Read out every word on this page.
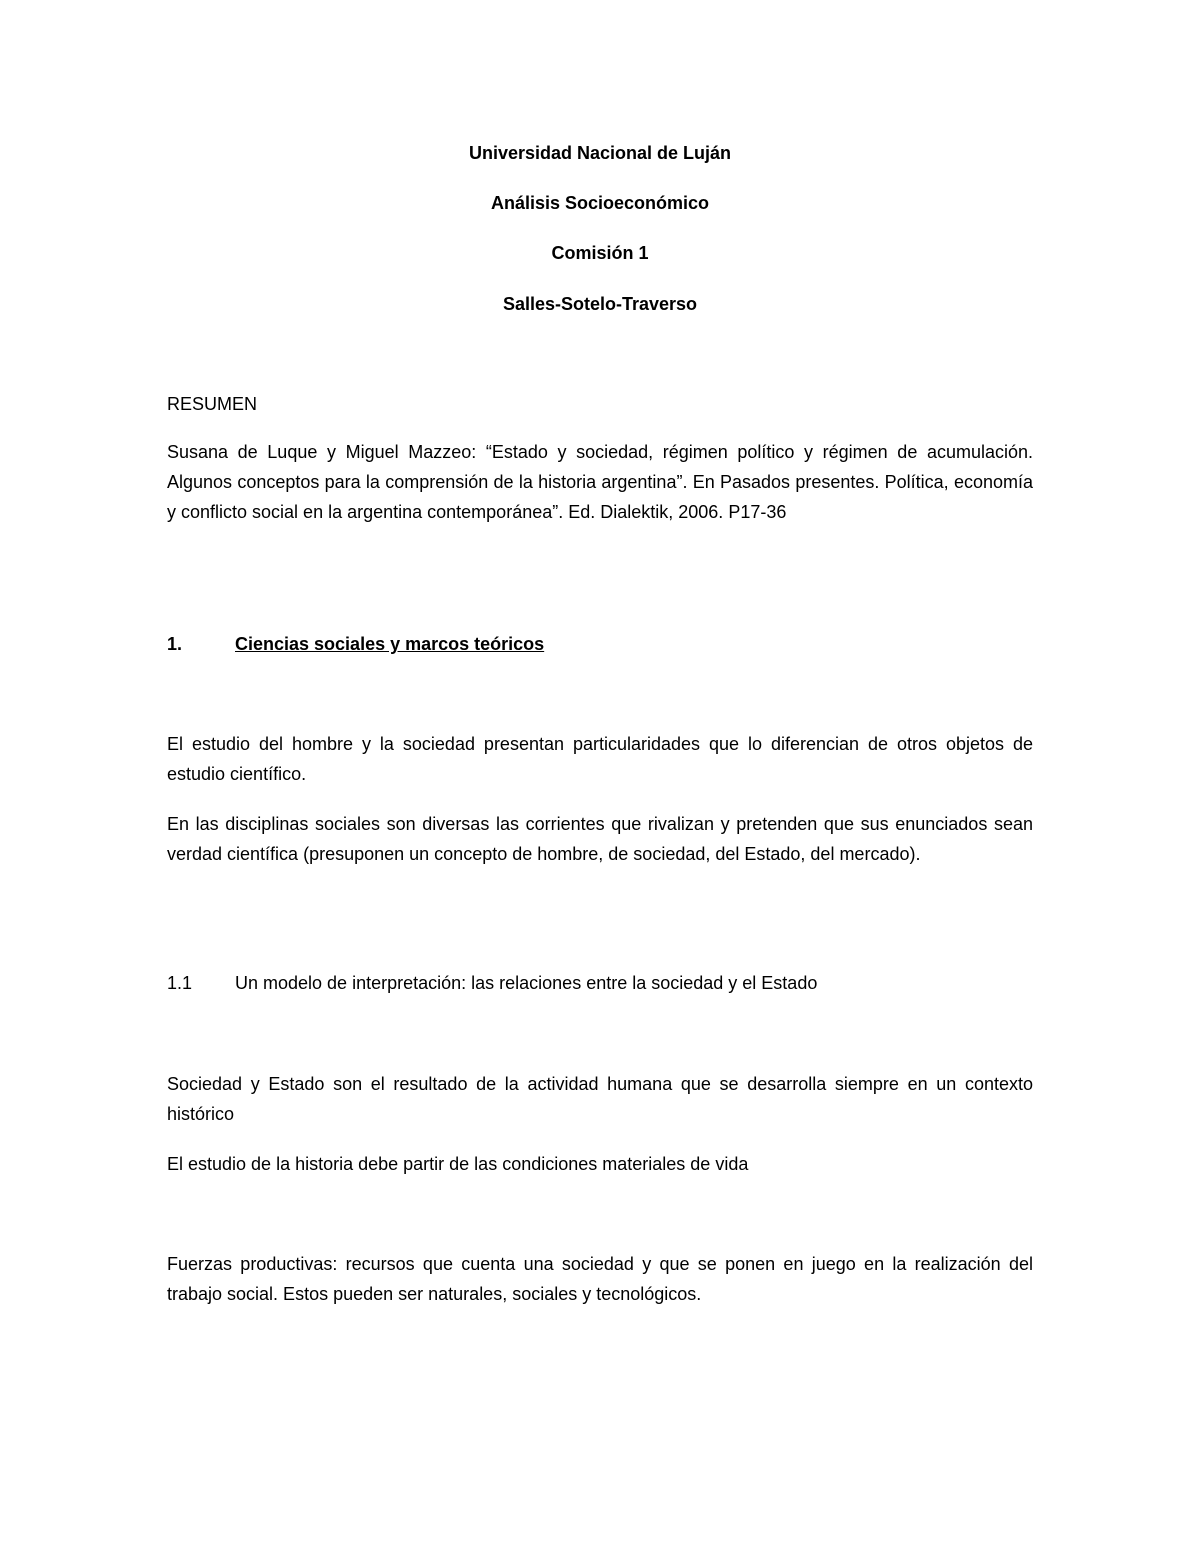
Universidad Nacional de Luján
Análisis Socioeconómico
Comisión 1
Salles-Sotelo-Traverso
RESUMEN
Susana de Luque y Miguel Mazzeo: “Estado y sociedad, régimen político y régimen de acumulación. Algunos conceptos para la comprensión de la historia argentina”. En Pasados presentes. Política, economía y conflicto social en la argentina contemporánea”. Ed. Dialektik, 2006. P17-36
1.	Ciencias sociales y marcos teóricos
El estudio del hombre y la sociedad presentan particularidades que lo diferencian de otros objetos de estudio científico.
En las disciplinas sociales son diversas las corrientes que rivalizan y pretenden que sus enunciados sean verdad científica (presuponen un concepto de hombre, de sociedad, del Estado, del mercado).
1.1 Un modelo de interpretación: las relaciones entre la sociedad y el Estado
Sociedad y Estado son el resultado de la actividad humana que se desarrolla siempre en un contexto histórico
El estudio de la historia debe partir de las condiciones materiales de vida
Fuerzas productivas: recursos que cuenta una sociedad y que se ponen en juego en la realización del trabajo social. Estos pueden ser naturales, sociales y tecnológicos.
